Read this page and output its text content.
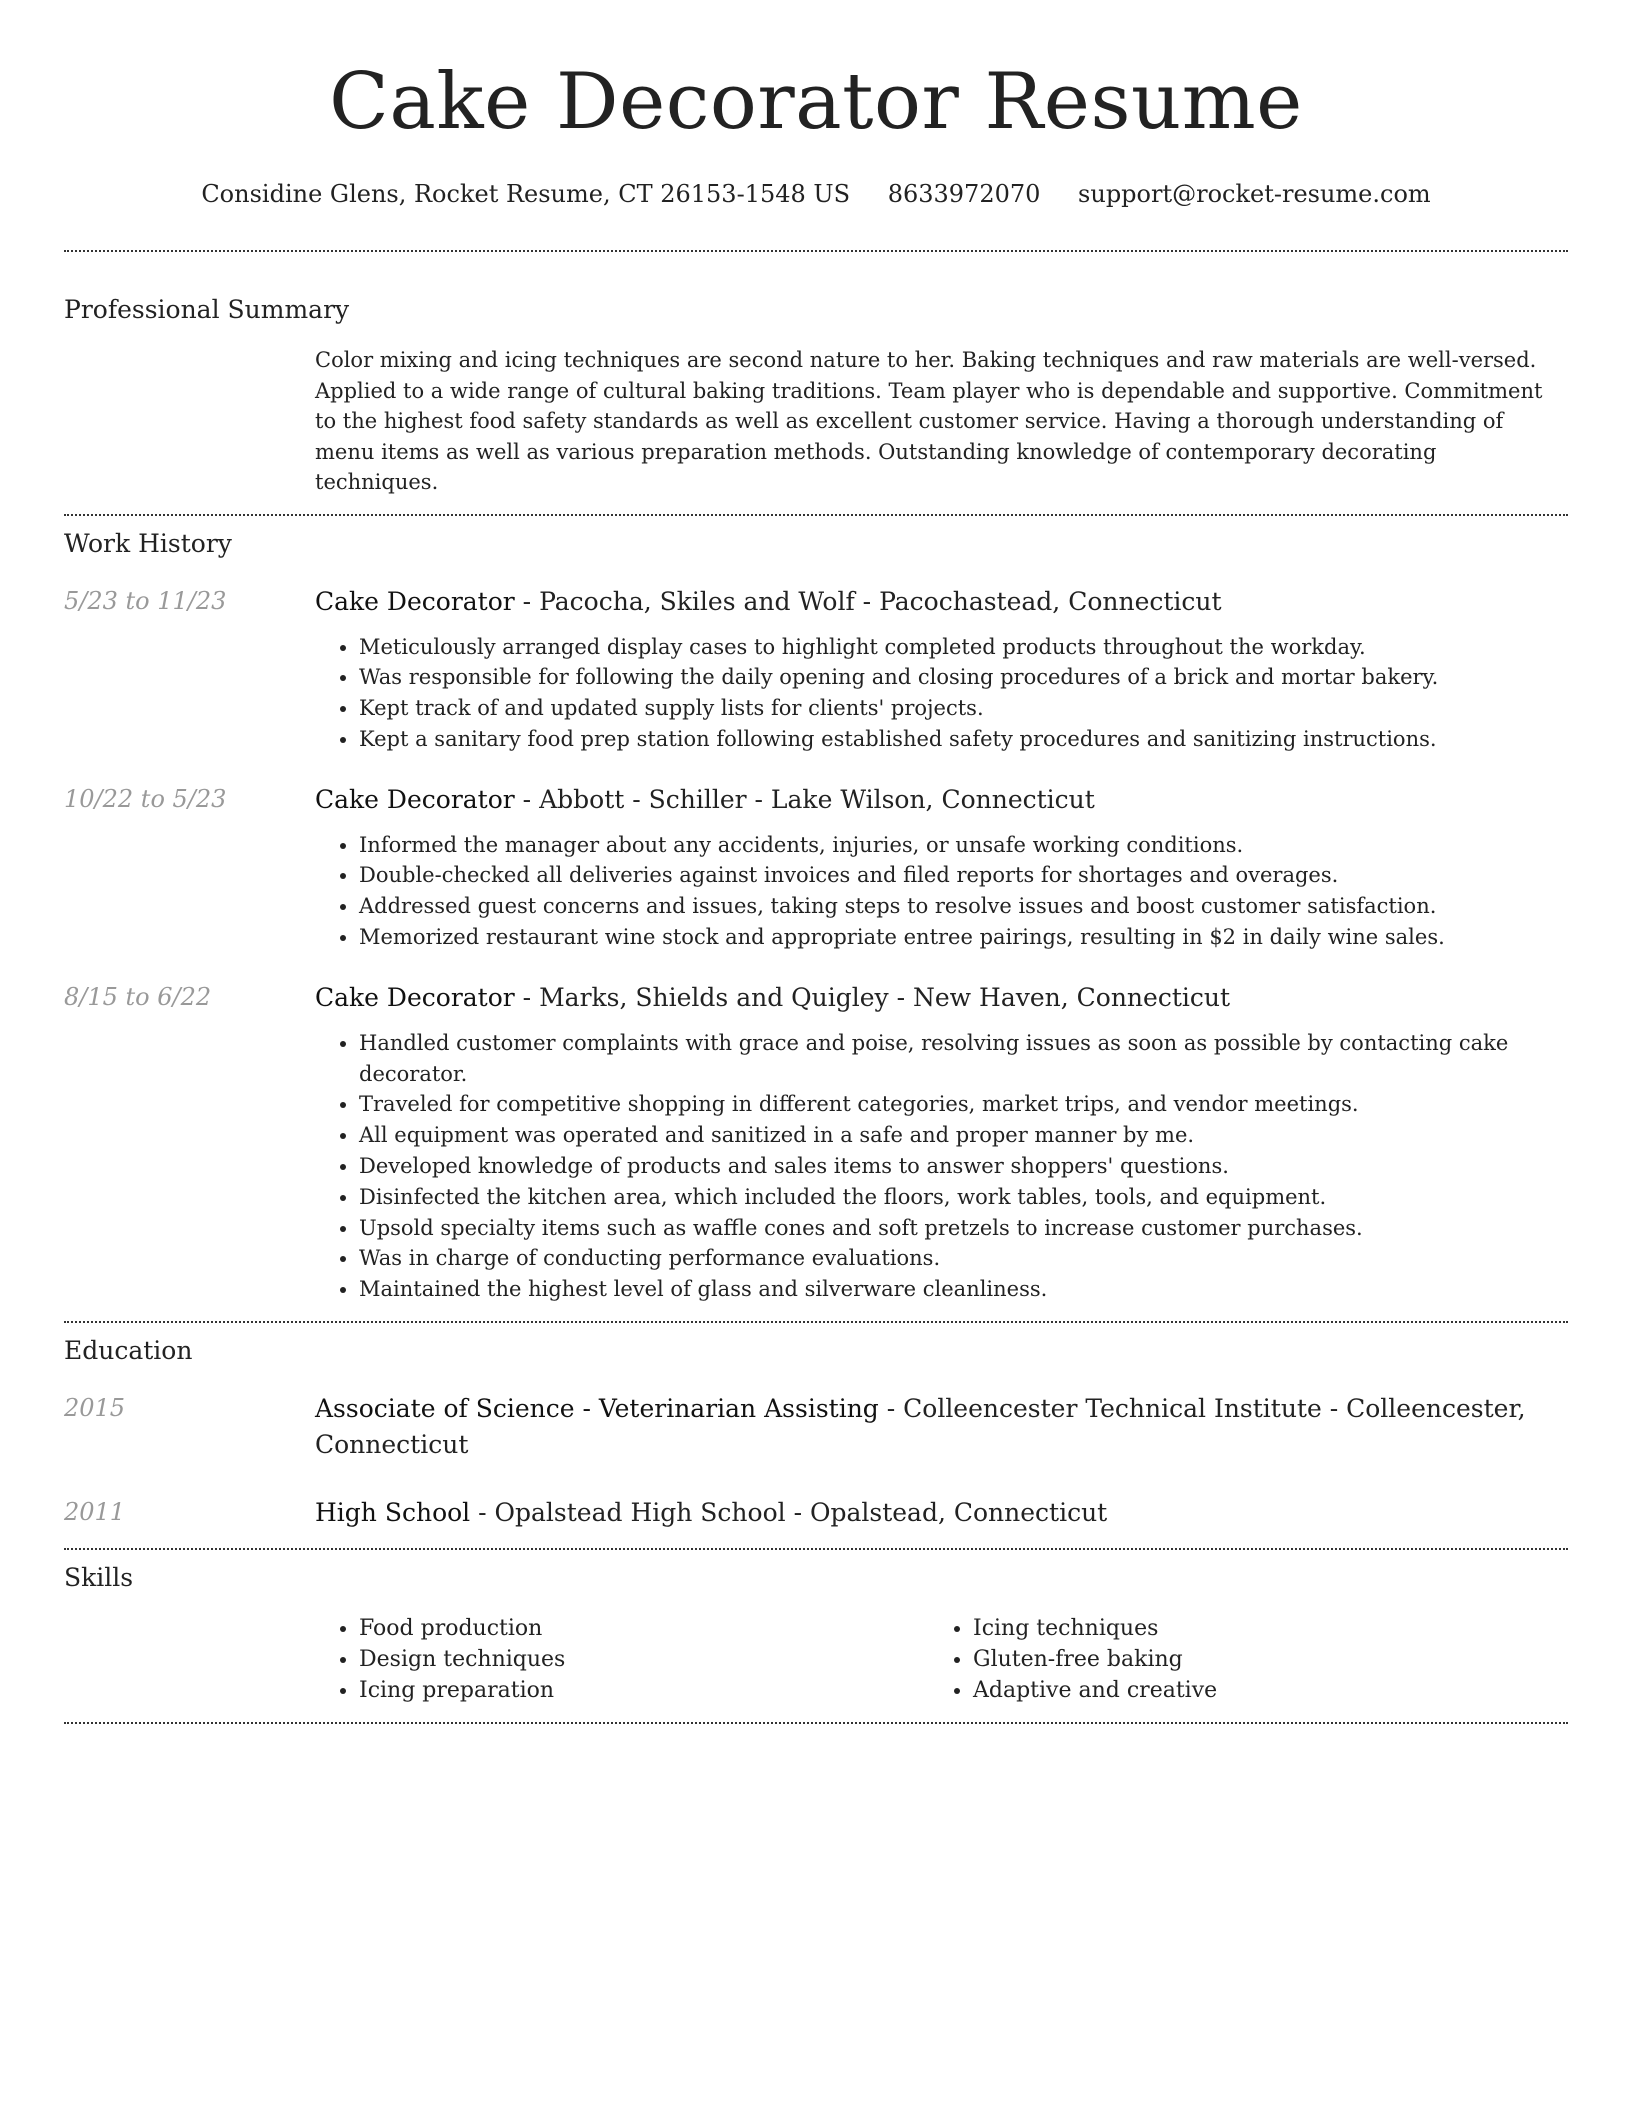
Cake Decorator Resume
Considine Glens, Rocket Resume, CT 26153-1548 US 8633972070 support@rocket-resume.com
Professional Summary
Color mixing and icing techniques are second nature to her. Baking techniques and raw materials are well-versed. Applied to a wide range of cultural baking traditions. Team player who is dependable and supportive. Commitment to the highest food safety standards as well as excellent customer service. Having a thorough understanding of menu items as well as various preparation methods. Outstanding knowledge of contemporary decorating techniques.
Work History
5/23 to 11/23	Cake Decorator - Pacocha, Skiles and Wolf - Pacochastead, Connecticut
• Meticulously arranged display cases to highlight completed products throughout the workday.
• Was responsible for following the daily opening and closing procedures of a brick and mortar bakery.
• Kept track of and updated supply lists for clients' projects.
• Kept a sanitary food prep station following established safety procedures and sanitizing instructions.
10/22 to 5/23	Cake Decorator - Abbott - Schiller - Lake Wilson, Connecticut
• Informed the manager about any accidents, injuries, or unsafe working conditions.
• Double-checked all deliveries against invoices and filed reports for shortages and overages.
• Addressed guest concerns and issues, taking steps to resolve issues and boost customer satisfaction.
• Memorized restaurant wine stock and appropriate entree pairings, resulting in $2 in daily wine sales.
8/15 to 6/22	Cake Decorator - Marks, Shields and Quigley - New Haven, Connecticut
• Handled customer complaints with grace and poise, resolving issues as soon as possible by contacting cake decorator.
• Traveled for competitive shopping in different categories, market trips, and vendor meetings.
• All equipment was operated and sanitized in a safe and proper manner by me.
• Developed knowledge of products and sales items to answer shoppers' questions.
• Disinfected the kitchen area, which included the floors, work tables, tools, and equipment.
• Upsold specialty items such as waffle cones and soft pretzels to increase customer purchases.
• Was in charge of conducting performance evaluations.
• Maintained the highest level of glass and silverware cleanliness.
Education
2015	Associate of Science - Veterinarian Assisting - Colleencester Technical Institute - Colleencester, Connecticut
2011	High School - Opalstead High School - Opalstead, Connecticut
Skills
• Food production
• Design techniques
• Icing preparation
• Icing techniques
• Gluten-free baking
• Adaptive and creative
